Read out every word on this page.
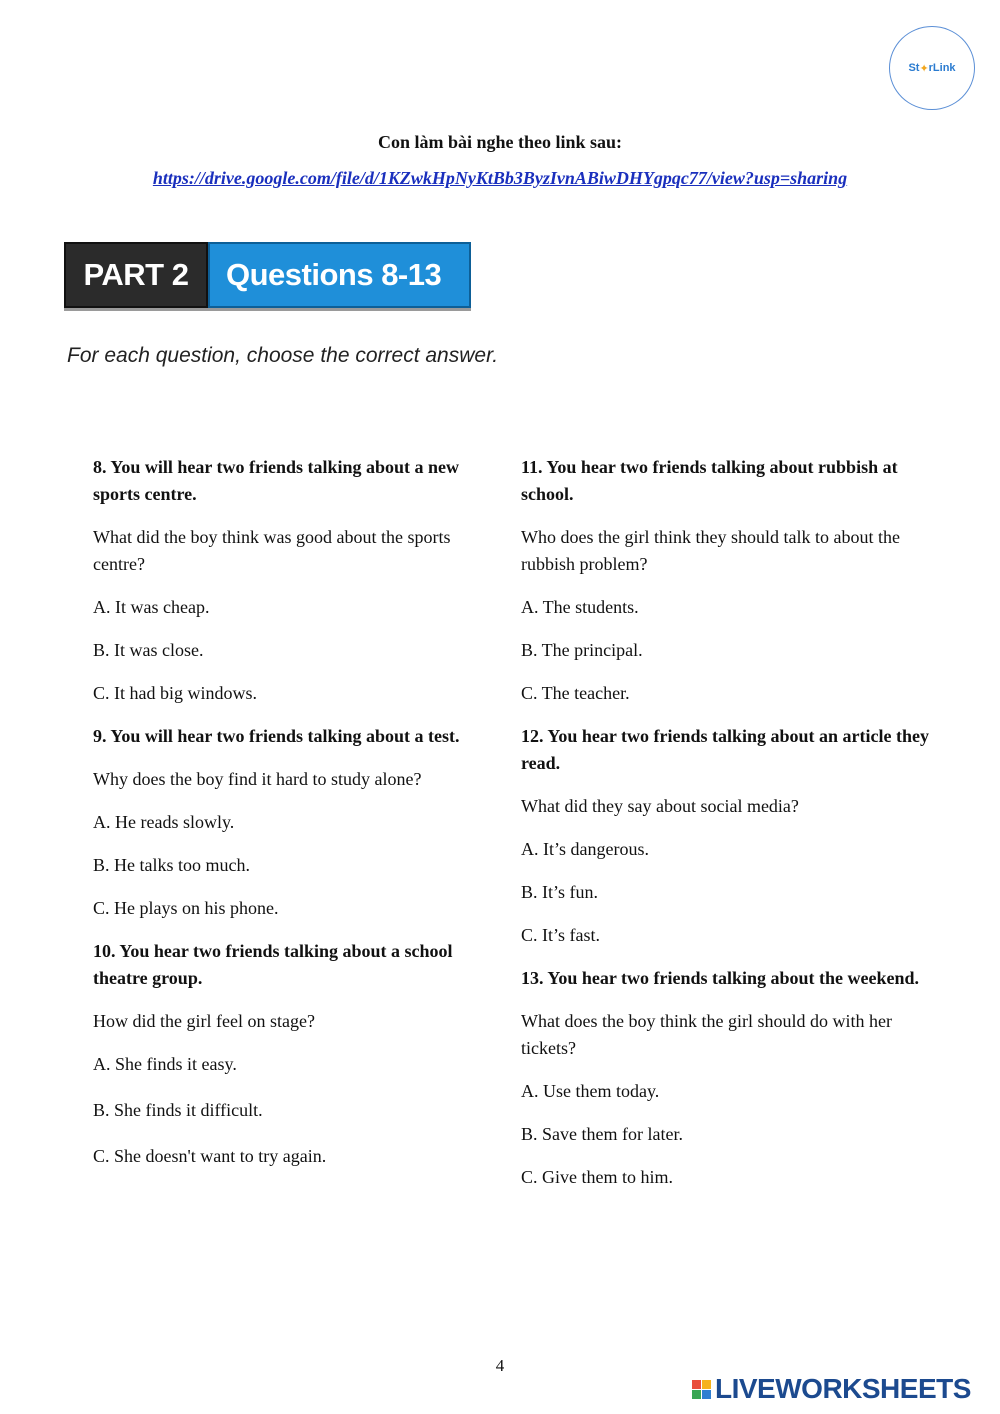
St ✦ rLink
Con làm bài nghe theo link sau:
https://drive.google.com/file/d/1KZwkHpNyKtBb3ByzIvnABiwDHYgpqc77/view?usp=sharing
PART 2	Questions 8-13
For each question, choose the correct answer.

8. You will hear two friends talking about a new sports centre.

What did the boy think was good about the sports centre?

A. It was cheap.

B. It was close.

C. It had big windows.

9. You will hear two friends talking about a test.

Why does the boy find it hard to study alone?

A. He reads slowly.

B. He talks too much.

C. He plays on his phone.

10. You hear two friends talking about a school theatre group.

How did the girl feel on stage?

A. She finds it easy.

B. She finds it difficult.

C. She doesn't want to try again.

11. You hear two friends talking about rubbish at school.

Who does the girl think they should talk to about the rubbish problem?

A. The students.

B. The principal.

C. The teacher.

12. You hear two friends talking about an article they read.

What did they say about social media?

A. It’s dangerous.

B. It’s fun.

C. It’s fast.

13. You hear two friends talking about the weekend.

What does the boy think the girl should do with her tickets?

A. Use them today.

B. Save them for later.

C. Give them to him.

4
LIVEWORKSHEETS
